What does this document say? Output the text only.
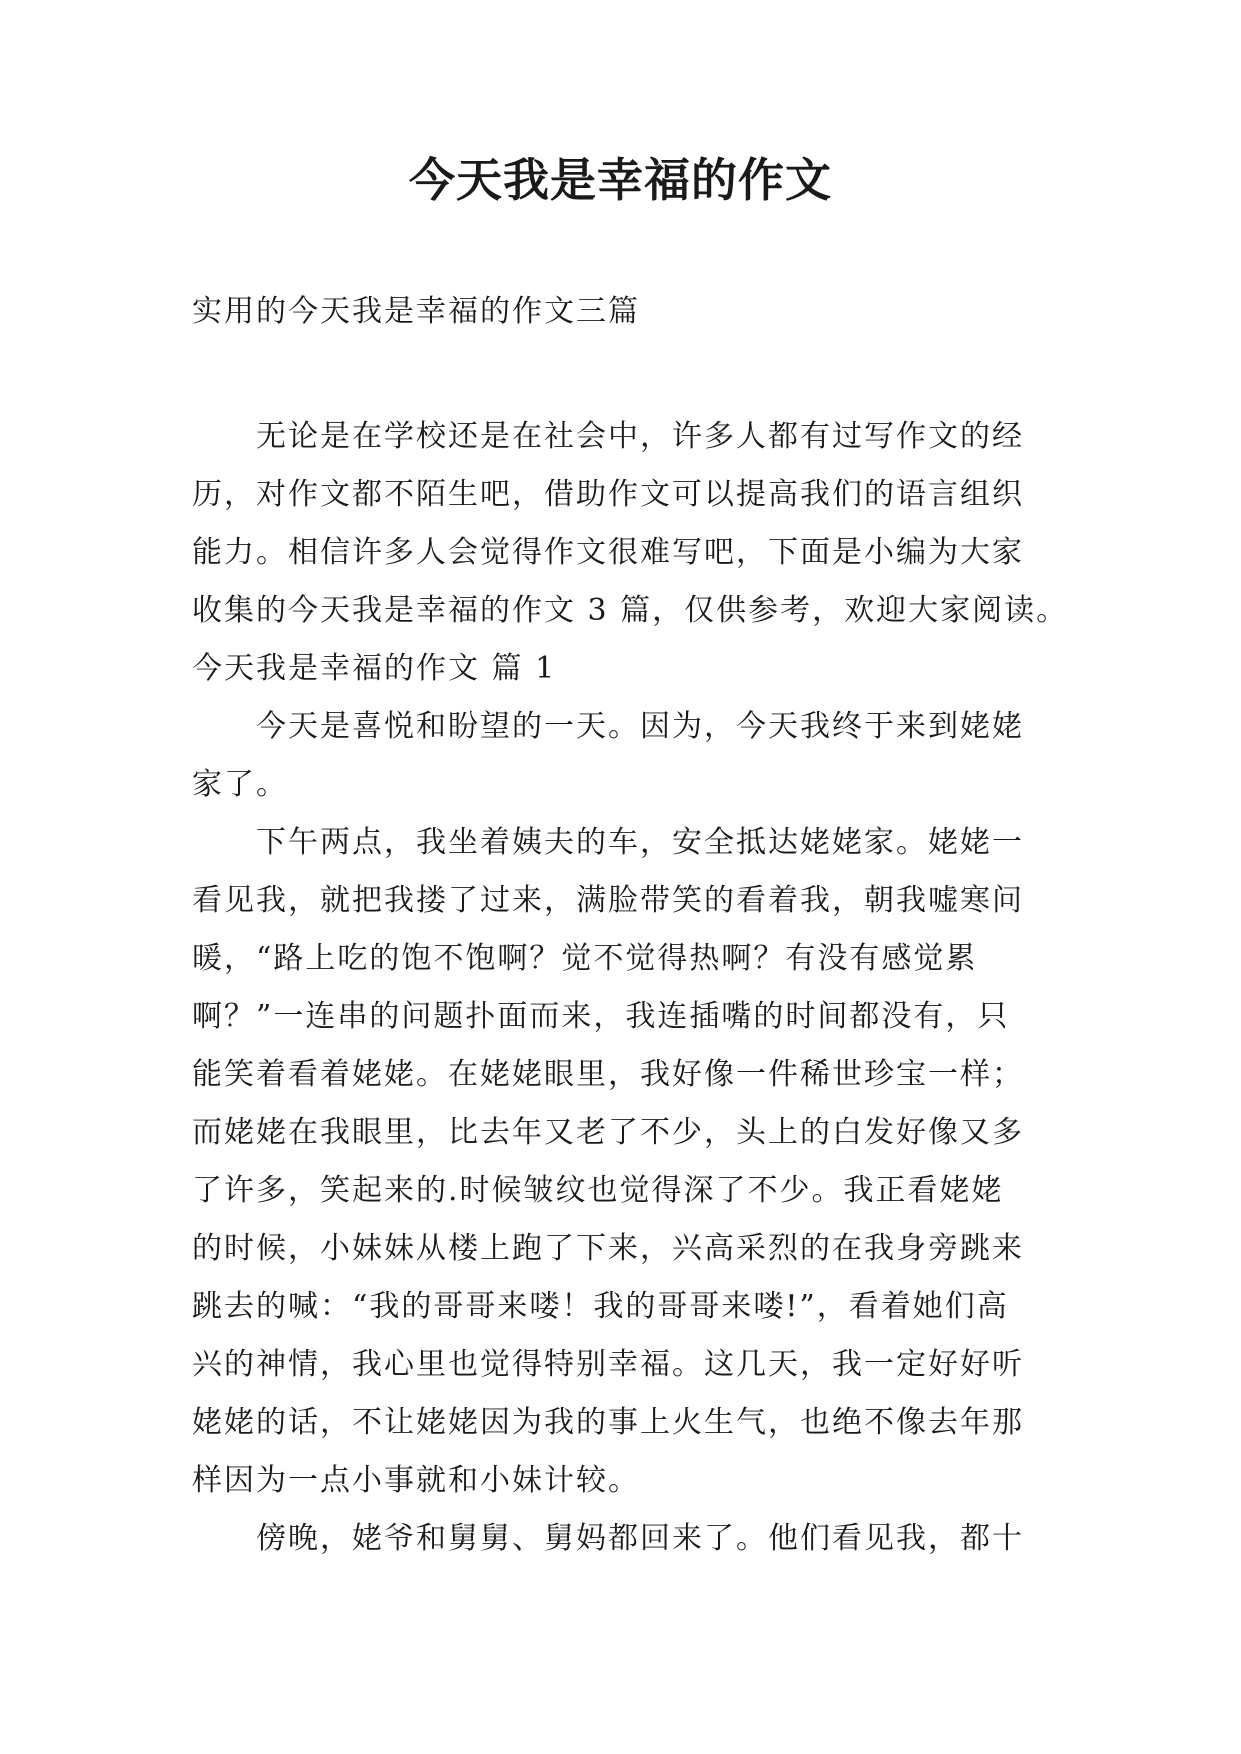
今天我是幸福的作文

实用的今天我是幸福的作文三篇

无论是在学校还是在社会中，许多人都有过写作文的经
历，对作文都不陌生吧，借助作文可以提高我们的语言组织
能力。相信许多人会觉得作文很难写吧，下面是小编为大家
收集的今天我是幸福的作文 3 篇，仅供参考，欢迎大家阅读。

今天我是幸福的作文 篇 1

今天是喜悦和盼望的一天。因为，今天我终于来到姥姥
家了。

下午两点，我坐着姨夫的车，安全抵达姥姥家。姥姥一
看见我，就把我搂了过来，满脸带笑的看着我，朝我嘘寒问
暖，“路上吃的饱不饱啊？觉不觉得热啊？有没有感觉累
啊？”一连串的问题扑面而来，我连插嘴的时间都没有，只
能笑着看着姥姥。在姥姥眼里，我好像一件稀世珍宝一样；
而姥姥在我眼里，比去年又老了不少，头上的白发好像又多
了许多，笑起来的.时候皱纹也觉得深了不少。我正看姥姥
的时候，小妹妹从楼上跑了下来，兴高采烈的在我身旁跳来
跳去的喊：“我的哥哥来喽！我的哥哥来喽!”，看着她们高
兴的神情，我心里也觉得特别幸福。这几天，我一定好好听
姥姥的话，不让姥姥因为我的事上火生气，也绝不像去年那
样因为一点小事就和小妹计较。

傍晚，姥爷和舅舅、舅妈都回来了。他们看见我，都十
